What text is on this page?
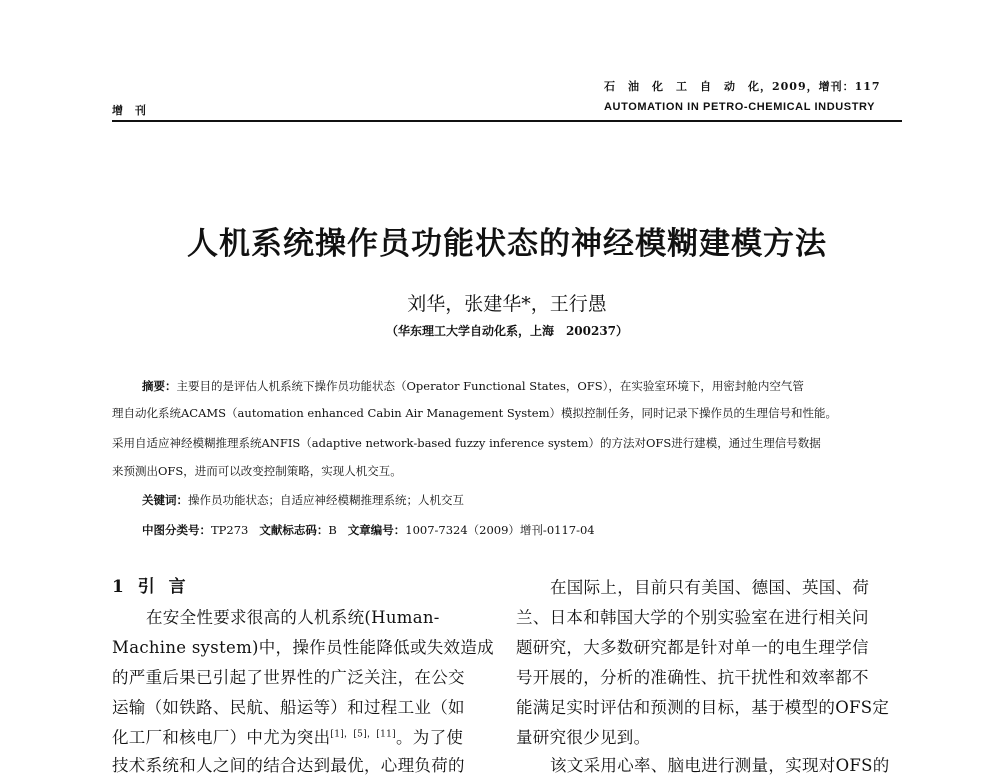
石　油　化　工　自　动　化，2009，增刊：117
增 刊	AUTOMATION IN PETRO-CHEMICAL INDUSTRY
人机系统操作员功能状态的神经模糊建模方法
刘华，张建华*，王行愚
（华东理工大学自动化系，上海　200237）
摘要：主要目的是评估人机系统下操作员功能状态（Operator Functional States，OFS），在实验室环境下，用密封舱内空气管
理自动化系统ACAMS（automation enhanced Cabin Air Management System）模拟控制任务，同时记录下操作员的生理信号和性能。
采用自适应神经模糊推理系统ANFIS（adaptive network-based fuzzy inference system）的方法对OFS进行建模，通过生理信号数据
来预测出OFS，进而可以改变控制策略，实现人机交互。
关键词：操作员功能状态；自适应神经模糊推理系统；人机交互
中图分类号：TP273 文献标志码：B 文章编号：1007-7324（2009）增刊-0117-04
1 引 言
在安全性要求很高的人机系统(Human-
Machine system)中，操作员性能降低或失效造成
的严重后果已引起了世界性的广泛关注，在公交
运输（如铁路、民航、船运等）和过程工业（如
化工厂和核电厂）中尤为突出[1]，[5]，[11]。为了使
技术系统和人之间的结合达到最优，心理负荷的
在国际上，目前只有美国、德国、英国、荷
兰、日本和韩国大学的个别实验室在进行相关问
题研究，大多数研究都是针对单一的电生理学信
号开展的，分析的准确性、抗干扰性和效率都不
能满足实时评估和预测的目标，基于模型的OFS定
量研究很少见到。
该文采用心率、脑电进行测量，实现对OFS的
